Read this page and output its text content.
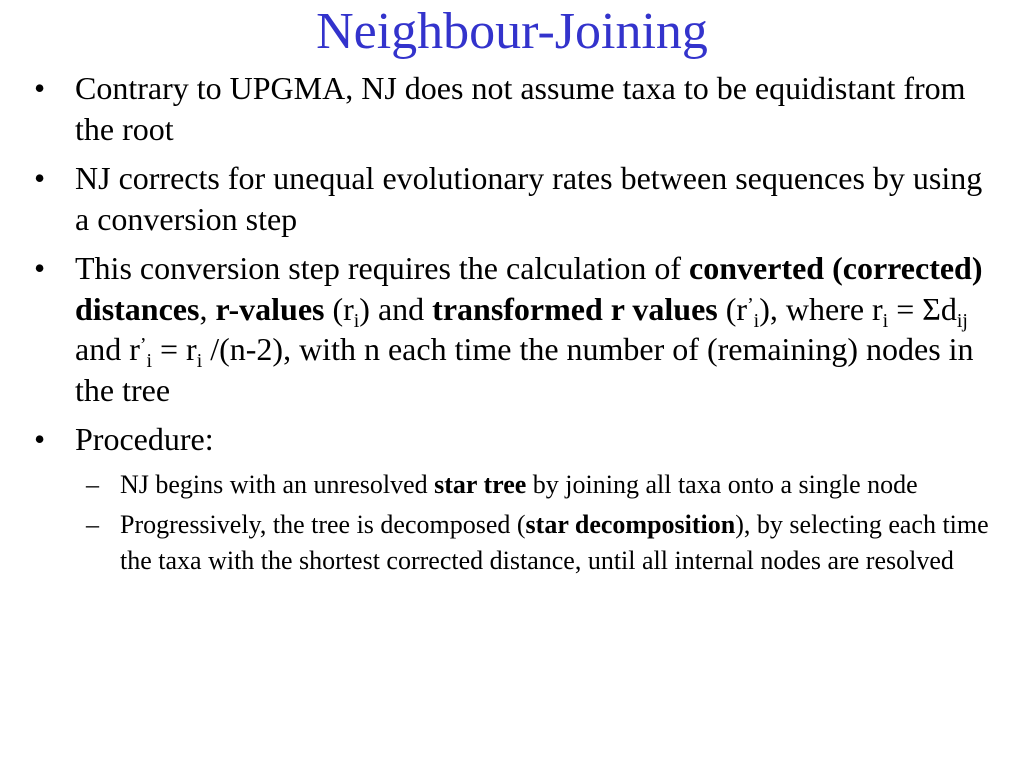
Neighbour-Joining
• Contrary to UPGMA, NJ does not assume taxa to be equidistant from the root
• NJ corrects for unequal evolutionary rates between sequences by using a conversion step
• This conversion step requires the calculation of converted (corrected) distances, r-values $(r_i)$ and transformed r values $(r^’_i)$, where $r_i = \Sigma d_{ij}$ and $r^’_i = r_i$ /(n-2), with n each time the number of (remaining) nodes in the tree
• Procedure:
– NJ begins with an unresolved star tree by joining all taxa onto a single node
– Progressively, the tree is decomposed (star decomposition), by selecting each time the taxa with the shortest corrected distance, until all internal nodes are resolved
